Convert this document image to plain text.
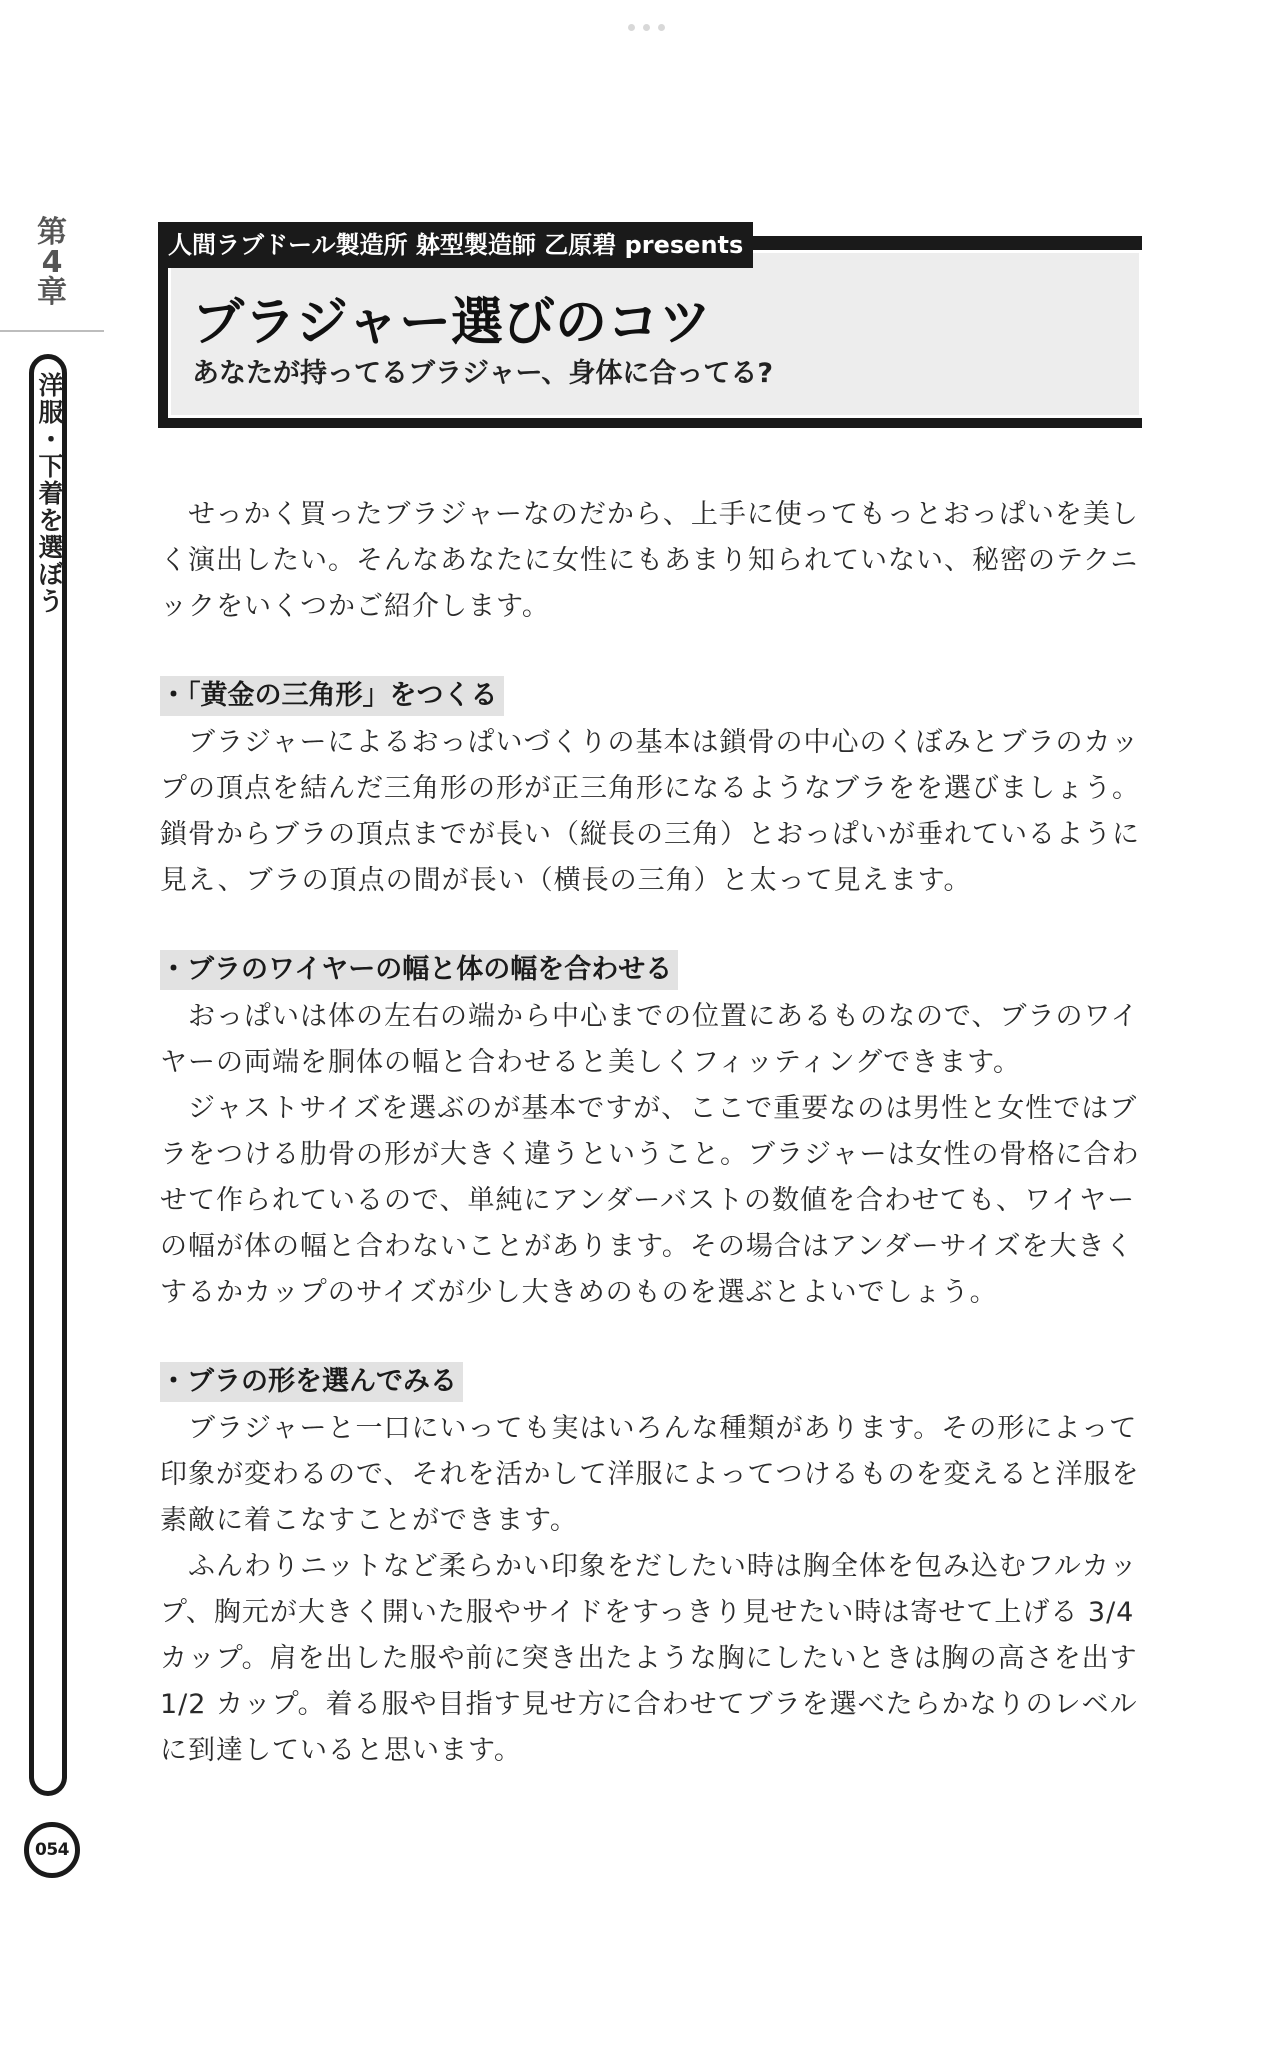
第
4
章
洋
服
・
下
着
を
選
ぼ
う
054
人間ラブドール製造所 躰型製造師 乙原碧 presents
ブラジャー選びのコツ
あなたが持ってるブラジャー、身体に合ってる?

　せっかく買ったブラジャーなのだから、上手に使ってもっとおっぱいを美しく演出したい。そんなあなたに女性にもあまり知られていない、秘密のテクニックをいくつかご紹介します。

・「黄金の三角形」をつくる

　ブラジャーによるおっぱいづくりの基本は鎖骨の中心のくぼみとブラのカップの頂点を結んだ三角形の形が正三角形になるようなブラをを選びましょう。鎖骨からブラの頂点までが長い（縦長の三角）とおっぱいが垂れているように見え、ブラの頂点の間が長い（横長の三角）と太って見えます。

・ブラのワイヤーの幅と体の幅を合わせる

　おっぱいは体の左右の端から中心までの位置にあるものなので、ブラのワイヤーの両端を胴体の幅と合わせると美しくフィッティングできます。

　ジャストサイズを選ぶのが基本ですが、ここで重要なのは男性と女性ではブラをつける肋骨の形が大きく違うということ。ブラジャーは女性の骨格に合わせて作られているので、単純にアンダーバストの数値を合わせても、ワイヤーの幅が体の幅と合わないことがあります。その場合はアンダーサイズを大きくするかカップのサイズが少し大きめのものを選ぶとよいでしょう。

・ブラの形を選んでみる

　ブラジャーと一口にいっても実はいろんな種類があります。その形によって印象が変わるので、それを活かして洋服によってつけるものを変えると洋服を素敵に着こなすことができます。

　ふんわりニットなど柔らかい印象をだしたい時は胸全体を包み込むフルカップ、胸元が大きく開いた服やサイドをすっきり見せたい時は寄せて上げる 3/4 カップ。肩を出した服や前に突き出たような胸にしたいときは胸の高さを出す 1/2 カップ。着る服や目指す見せ方に合わせてブラを選べたらかなりのレベルに到達していると思います。
